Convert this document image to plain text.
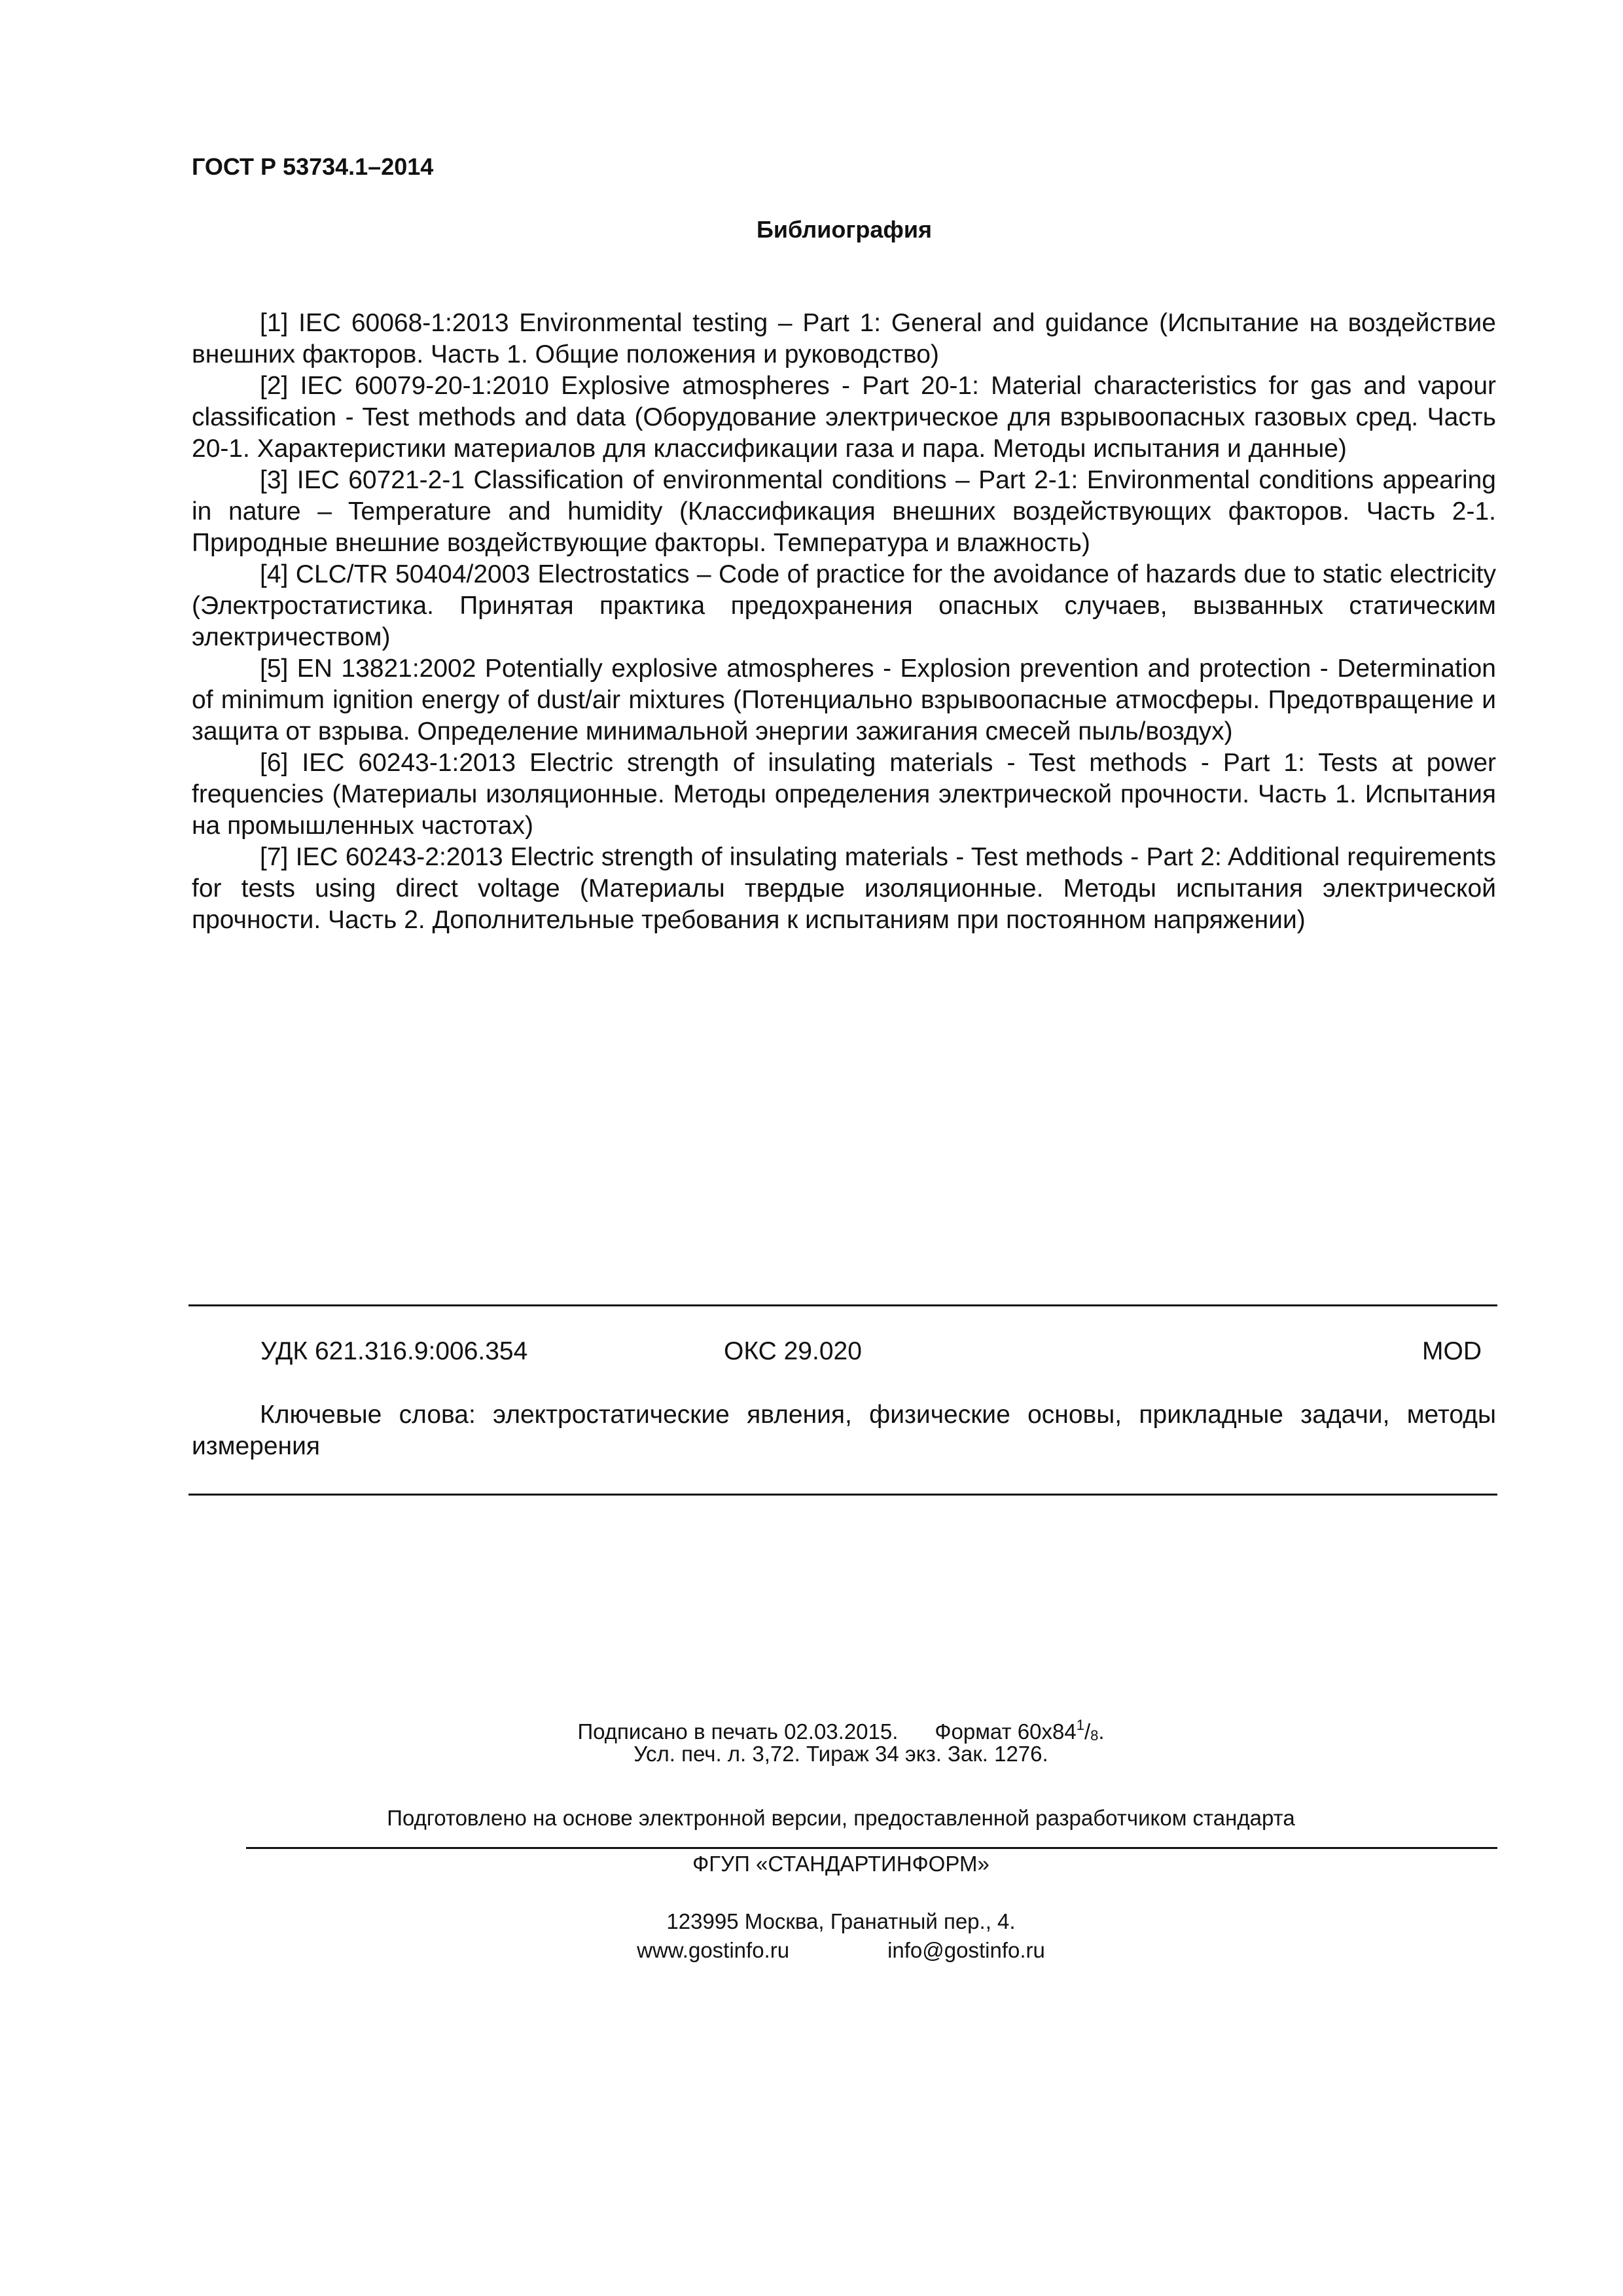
ГОСТ Р 53734.1–2014
Библиография

[1] IEC 60068-1:2013 Environmental testing – Part 1: General and guidance (Испытание на воздействие внешних факторов. Часть 1. Общие положения и руководство)

[2] IEC 60079-20-1:2010 Explosive atmospheres - Part 20-1: Material characteristics for gas and vapour classification - Test methods and data (Оборудование электрическое для взрывоопасных газовых сред. Часть 20-1. Характеристики материалов для классификации газа и пара. Методы испытания и данные)

[3] IEC 60721-2-1 Classification of environmental conditions – Part 2-1: Environmental conditions appearing in nature – Temperature and humidity (Классификация внешних воздействующих факторов. Часть 2-1. Природные внешние воздействующие факторы. Температура и влажность)

[4] CLC/TR 50404/2003 Electrostatics – Code of practice for the avoidance of hazards due to static electricity (Электростатистика. Принятая практика предохранения опасных случаев, вызванных статическим электричеством)

[5] EN 13821:2002 Potentially explosive atmospheres - Explosion prevention and protection - Determination of minimum ignition energy of dust/air mixtures (Потенциально взрывоопасные атмосферы. Предотвращение и защита от взрыва. Определение минимальной энергии зажигания смесей пыль/воздух)

[6] IEC 60243-1:2013 Electric strength of insulating materials - Test methods - Part 1: Tests at power frequencies (Материалы изоляционные. Методы определения электрической прочности. Часть 1. Испытания на промышленных частотах)

[7] IEC 60243-2:2013 Electric strength of insulating materials - Test methods - Part 2: Additional requirements for tests using direct voltage (Материалы твердые изоляционные. Методы испытания электрической прочности. Часть 2. Дополнительные требования к испытаниям при постоянном напряжении)

УДК 621.316.9:006.354	ОКС 29.020	MOD

Ключевые слова: электростатические явления, физические основы, прикладные задачи, методы измерения

Подписано в печать 02.03.2015. Формат $60х84^1/_8$.
Усл. печ. л. 3,72. Тираж 34 экз. Зак. 1276.
Подготовлено на основе электронной версии, предоставленной разработчиком стандарта
ФГУП «СТАНДАРТИНФОРМ»
123995 Москва, Гранатный пер., 4.
www.gostinfo.ru	info@gostinfo.ru
